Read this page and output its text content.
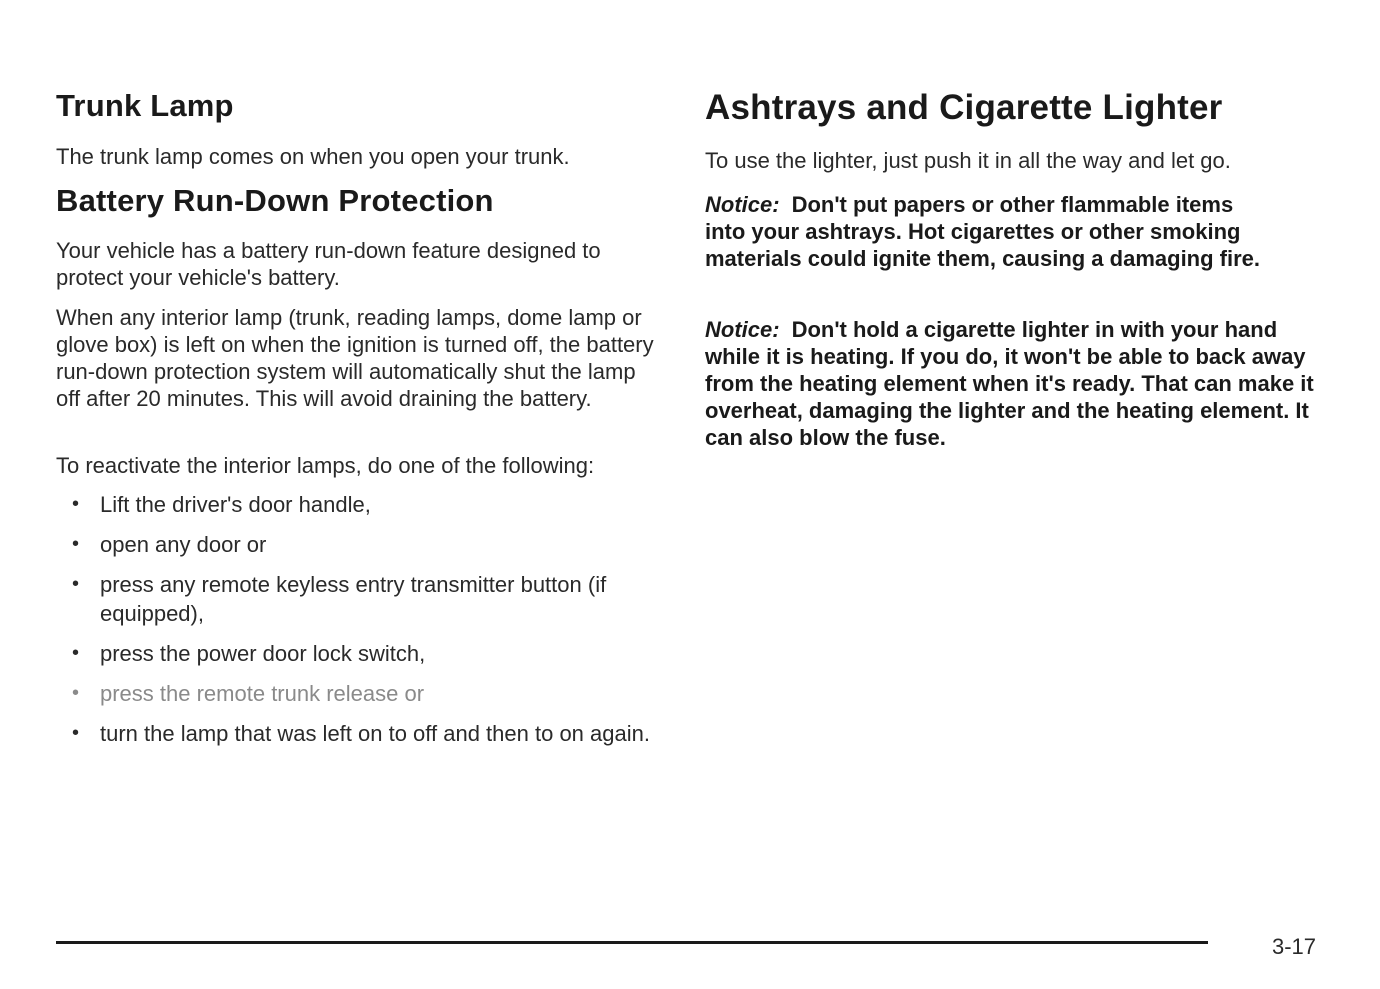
Trunk Lamp

The trunk lamp comes on when you open your trunk.

Battery Run-Down Protection

Your vehicle has a battery run-down feature designed to protect your vehicle's battery.

When any interior lamp (trunk, reading lamps, dome lamp or glove box) is left on when the ignition is turned off, the battery run-down protection system will automatically shut the lamp off after 20 minutes. This will avoid draining the battery.

To reactivate the interior lamps, do one of the following:

• Lift the driver's door handle,
• open any door or
• press any remote keyless entry transmitter button (if equipped),
• press the power door lock switch,
• press the remote trunk release or
• turn the lamp that was left on to off and then to on again.
Ashtrays and Cigarette Lighter

To use the lighter, just push it in all the way and let go.

Notice: Don't put papers or other flammable items into your ashtrays. Hot cigarettes or other smoking materials could ignite them, causing a damaging fire.

Notice: Don't hold a cigarette lighter in with your hand while it is heating. If you do, it won't be able to back away from the heating element when it's ready. That can make it overheat, damaging the lighter and the heating element. It can also blow the fuse.

3-17
